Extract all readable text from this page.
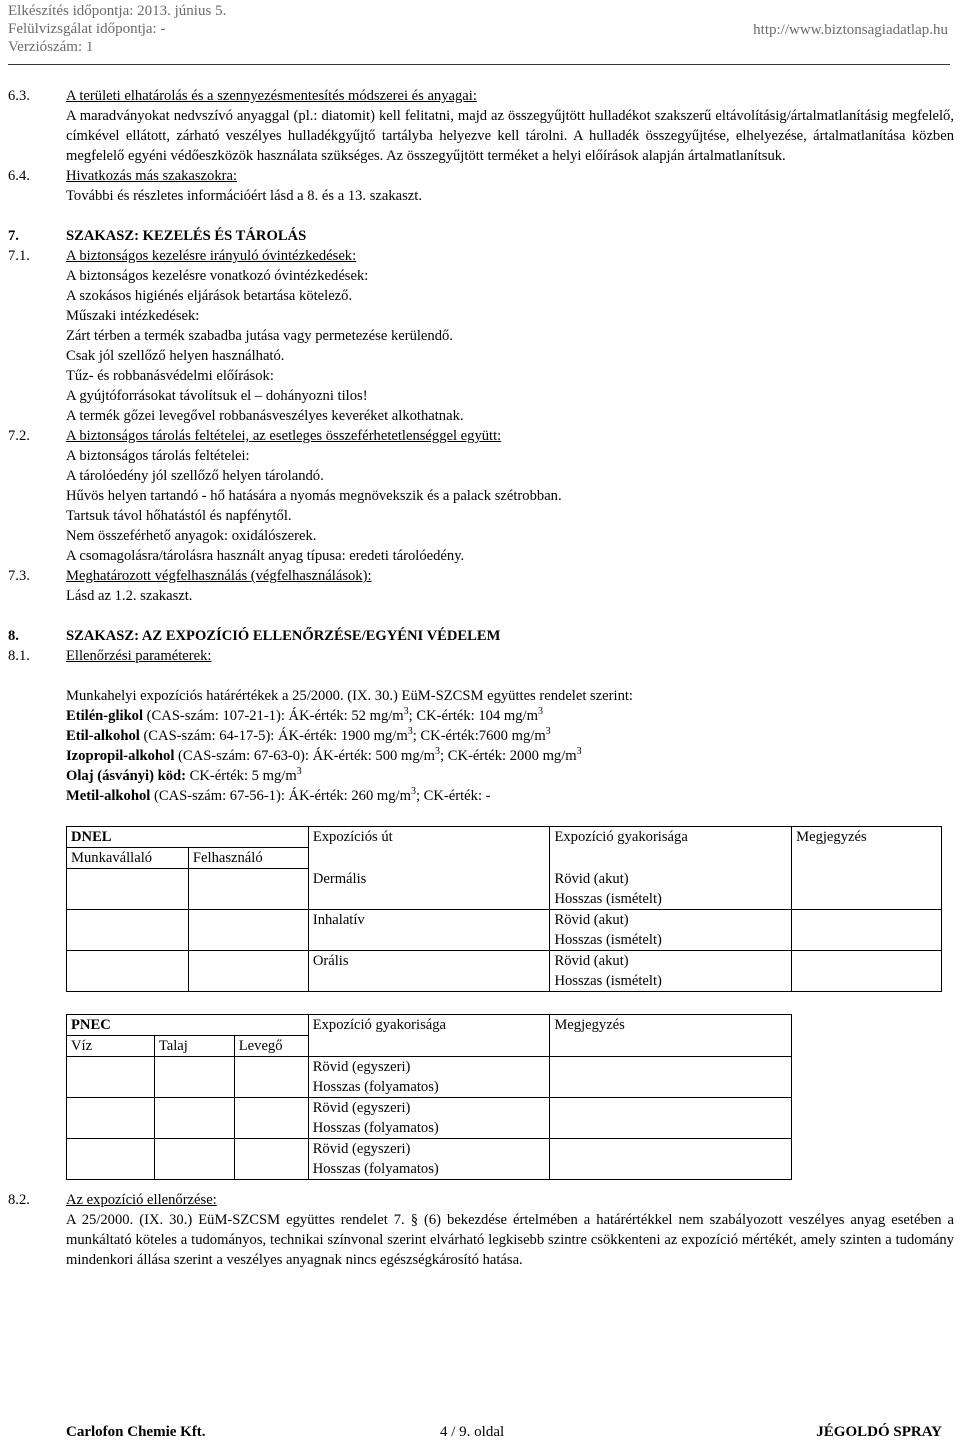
Elkészítés időpontja: 2013. június 5.
Felülvizsgálat időpontja: -
Verziószám: 1
http://www.biztonsagiadatlap.hu
6.3. A területi elhatárolás és a szennyezésmentesítés módszerei és anyagai:
A maradványokat nedvszívó anyaggal (pl.: diatomit) kell felitatni, majd az összegyűjtött hulladékot szakszerű eltávolításig/ártalmatlanításig megfelelő, címkével ellátott, zárható veszélyes hulladékgyűjtő tartályba helyezve kell tárolni. A hulladék összegyűjtése, elhelyezése, ártalmatlanítása közben megfelelő egyéni védőeszközök használata szükséges. Az összegyűjtött terméket a helyi előírások alapján ártalmatlanítsuk.
6.4. Hivatkozás más szakaszokra:
További és részletes információért lásd a 8. és a 13. szakaszt.
7.	SZAKASZ: KEZELÉS ÉS TÁROLÁS
7.1. A biztonságos kezelésre irányuló óvintézkedések:
A biztonságos kezelésre vonatkozó óvintézkedések:
A szokásos higiénés eljárások betartása kötelező.
Műszaki intézkedések:
Zárt térben a termék szabadba jutása vagy permetezése kerülendő.
Csak jól szellőző helyen használható.
Tűz- és robbanásvédelmi előírások:
A gyújtóforrásokat távolítsuk el – dohányozni tilos!
A termék gőzei levegővel robbanásveszélyes keveréket alkothatnak.
7.2. A biztonságos tárolás feltételei, az esetleges összeférhetetlenséggel együtt:
A biztonságos tárolás feltételei:
A tárolóedény jól szellőző helyen tárolandó.
Hűvös helyen tartandó - hő hatására a nyomás megnövekszik és a palack szétrobban.
Tartsuk távol hőhatástól és napfénytől.
Nem összeférhető anyagok: oxidálószerek.
A csomagolásra/tárolásra használt anyag típusa: eredeti tárolóedény.
7.3. Meghatározott végfelhasználás (végfelhasználások):
Lásd az 1.2. szakaszt.
8.	SZAKASZ: AZ EXPOZÍCIÓ ELLENŐRZÉSE/EGYÉNI VÉDELEM
8.1. Ellenőrzési paraméterek:
Munkahelyi expozíciós határértékek a 25/2000. (IX. 30.) EüM-SZCSM együttes rendelet szerint:
Etilén-glikol (CAS-szám: 107-21-1): ÁK-érték: 52 $mg/m^3$; CK-érték: 104 $mg/m^3$
Etil-alkohol (CAS-szám: 64-17-5): ÁK-érték: 1900 $mg/m^3$; CK-érték:7600 $mg/m^3$
Izopropil-alkohol (CAS-szám: 67-63-0): ÁK-érték: 500 $mg/m^3$; CK-érték: 2000 $mg/m^3$
Olaj (ásványi) köd: CK-érték: 5 $mg/m^3$
Metil-alkohol (CAS-szám: 67-56-1): ÁK-érték: 260 $mg/m^3$; CK-érték: -
DNEL		Expozíciós út	Expozíció gyakorisága	Megjegyzés
Munkavállaló	Felhasználó			
		Dermális	Rövid (akut)
Hosszas (ismételt)	

		Inhalatív	Rövid (akut)
Hosszas (ismételt)	

		Orális	Rövid (akut)
Hosszas (ismételt)	

PNEC			Expozíció gyakorisága	Megjegyzés
Víz	Talaj	Levegő		

			Rövid (egyszeri)
Hosszas (folyamatos)	

			Rövid (egyszeri)
Hosszas (folyamatos)	

			Rövid (egyszeri)
Hosszas (folyamatos)	

8.2. Az expozíció ellenőrzése:
A 25/2000. (IX. 30.) EüM-SZCSM együttes rendelet 7. § (6) bekezdése értelmében a határértékkel nem szabályozott veszélyes anyag esetében a munkáltató köteles a tudományos, technikai színvonal szerint elvárható legkisebb szintre csökkenteni az expozíció mértékét, amely szinten a tudomány mindenkori állása szerint a veszélyes anyagnak nincs egészségkárosító hatása.
Carlofon Chemie Kft.	4 / 9. oldal	JÉGOLDÓ SPRAY
